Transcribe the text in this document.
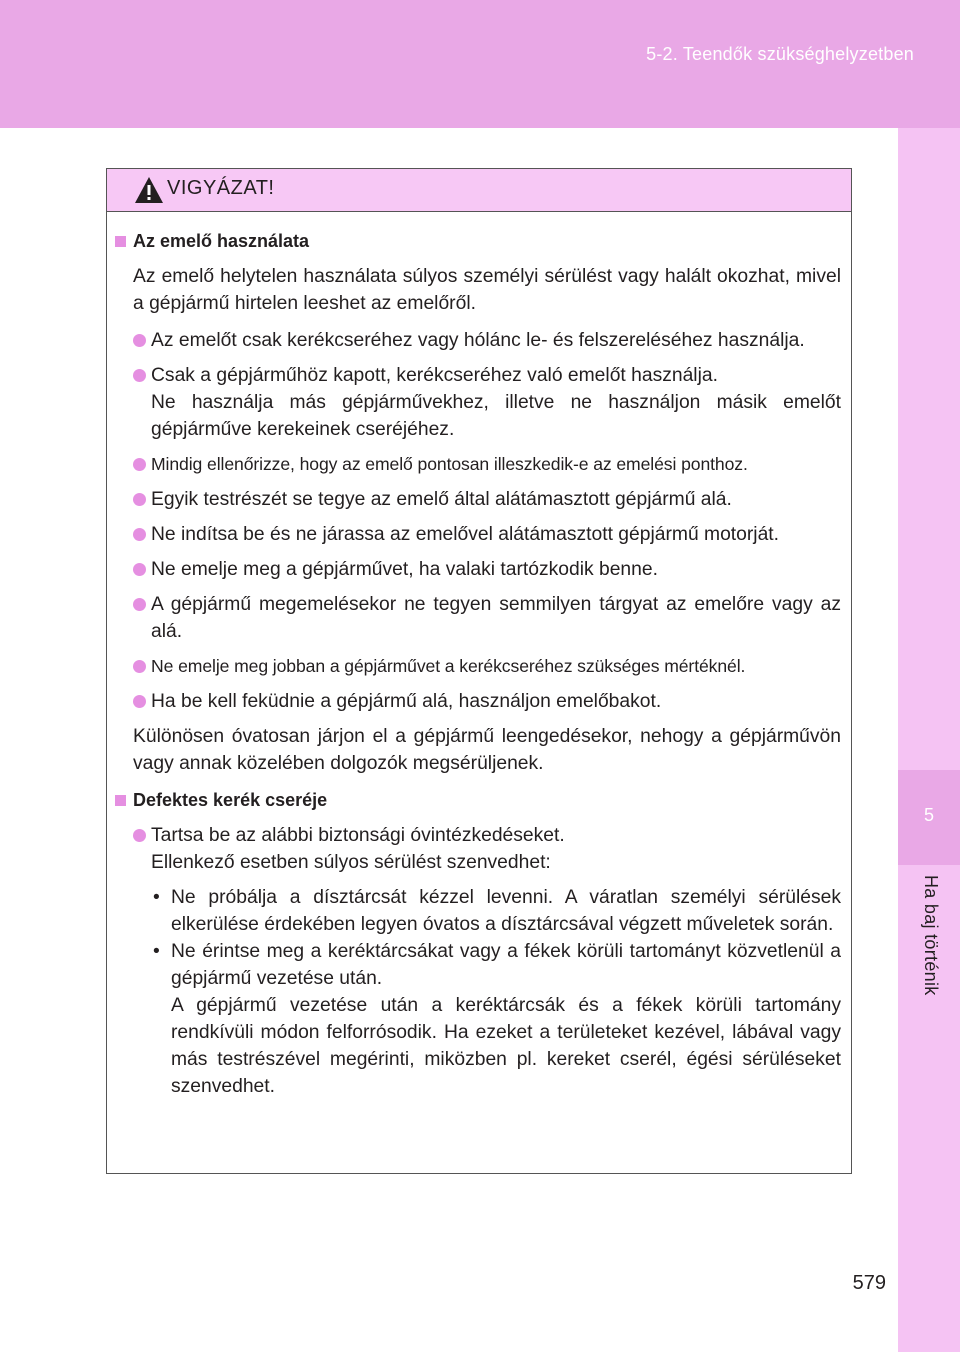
5-2. Teendők szükséghelyzetben
5
Ha baj történik
VIGYÁZAT!
Az emelő használata

Az emelő helytelen használata súlyos személyi sérülést vagy halált okozhat, mivel a gépjármű hirtelen leeshet az emelőről.

Az emelőt csak kerékcseréhez vagy hólánc le- és felszereléséhez használja.
Csak a gépjárműhöz kapott, kerékcseréhez való emelőt használja.
Ne használja más gépjárművekhez, illetve ne használjon másik emelőt gépjárműve kerekeinek cseréjéhez.
Mindig ellenőrizze, hogy az emelő pontosan illeszkedik-e az emelési ponthoz.
Egyik testrészét se tegye az emelő által alátámasztott gépjármű alá.
Ne indítsa be és ne járassa az emelővel alátámasztott gépjármű motorját.
Ne emelje meg a gépjárművet, ha valaki tartózkodik benne.
A gépjármű megemelésekor ne tegyen semmilyen tárgyat az emelőre vagy az alá.
Ne emelje meg jobban a gépjárművet a kerékcseréhez szükséges mértéknél.
Ha be kell feküdnie a gépjármű alá, használjon emelőbakot.

Különösen óvatosan járjon el a gépjármű leengedésekor, nehogy a gépjárművön vagy annak közelében dolgozók megsérüljenek.

Defektes kerék cseréje
Tartsa be az alábbi biztonsági óvintézkedéseket.
Ellenkező esetben súlyos sérülést szenvedhet:
• Ne próbálja a dísztárcsát kézzel levenni. A váratlan személyi sérülések elkerülése érdekében legyen óvatos a dísztárcsával végzett műveletek során.
• Ne érintse meg a keréktárcsákat vagy a fékek körüli tartományt közvetlenül a gépjármű vezetése után.
A gépjármű vezetése után a keréktárcsák és a fékek körüli tartomány rendkívüli módon felforrósodik. Ha ezeket a területeket kezével, lábával vagy más testrészével megérinti, miközben pl. kereket cserél, égési sérüléseket szenvedhet.
579
